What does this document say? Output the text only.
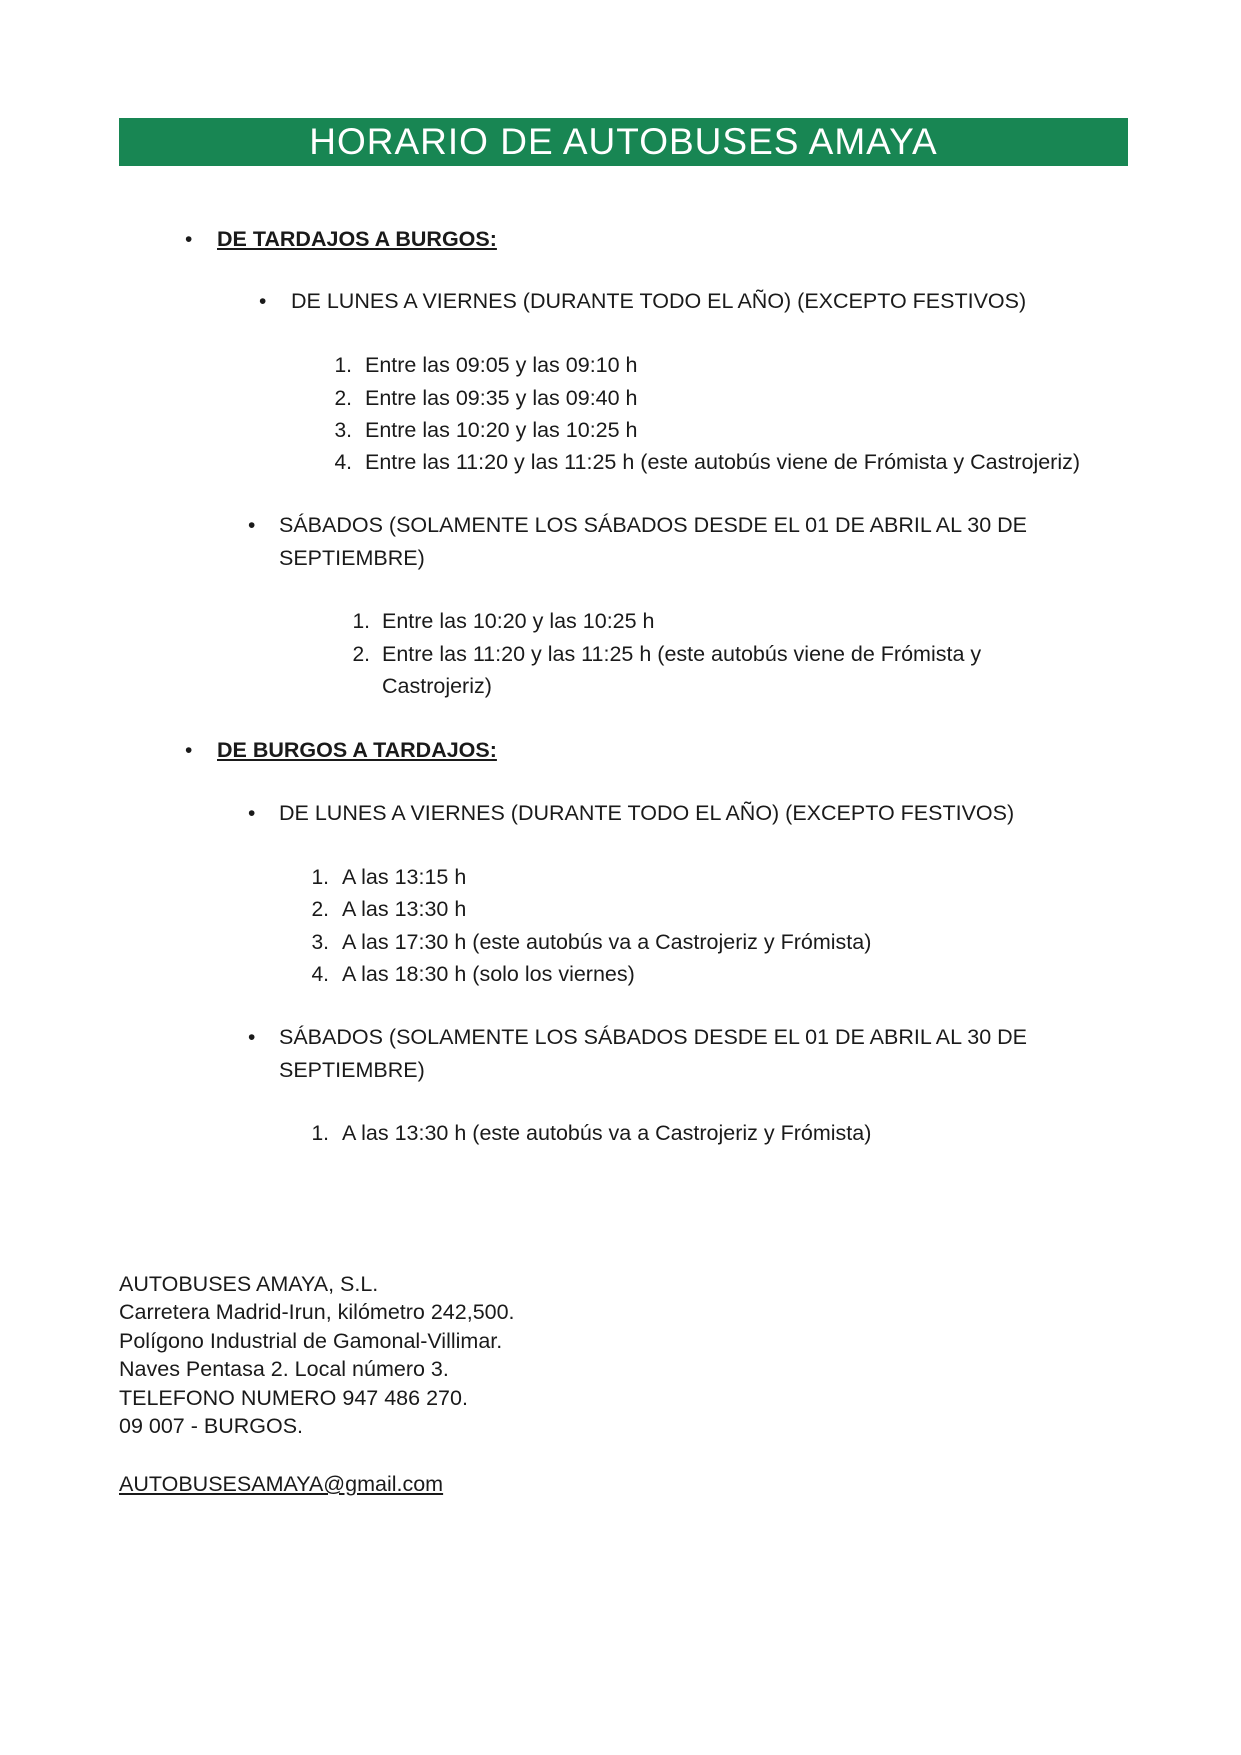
HORARIO DE AUTOBUSES AMAYA
• DE TARDAJOS A BURGOS:
• DE LUNES A VIERNES (DURANTE TODO EL AÑO) (EXCEPTO FESTIVOS)
1. Entre las 09:05 y las 09:10 h
2. Entre las 09:35 y las 09:40 h
3. Entre las 10:20 y las 10:25 h
4. Entre las 11:20 y las 11:25 h (este autobús viene de Frómista y Castrojeriz)
• SÁBADOS (SOLAMENTE LOS SÁBADOS DESDE EL 01 DE ABRIL AL 30 DE
SEPTIEMBRE)
1. Entre las 10:20 y las 10:25 h
2. Entre las 11:20 y las 11:25 h (este autobús viene de Frómista y
Castrojeriz)
• DE BURGOS A TARDAJOS:
• DE LUNES A VIERNES (DURANTE TODO EL AÑO) (EXCEPTO FESTIVOS)
1. A las 13:15 h
2. A las 13:30 h
3. A las 17:30 h (este autobús va a Castrojeriz y Frómista)
4. A las 18:30 h (solo los viernes)
• SÁBADOS (SOLAMENTE LOS SÁBADOS DESDE EL 01 DE ABRIL AL 30 DE
SEPTIEMBRE)
1. A las 13:30 h (este autobús va a Castrojeriz y Frómista)
AUTOBUSES AMAYA, S.L.
Carretera Madrid-Irun, kilómetro 242,500.
Polígono Industrial de Gamonal-Villimar.
Naves Pentasa 2. Local número 3.
TELEFONO NUMERO 947 486 270.
09 007 - BURGOS.
AUTOBUSESAMAYA@gmail.com
